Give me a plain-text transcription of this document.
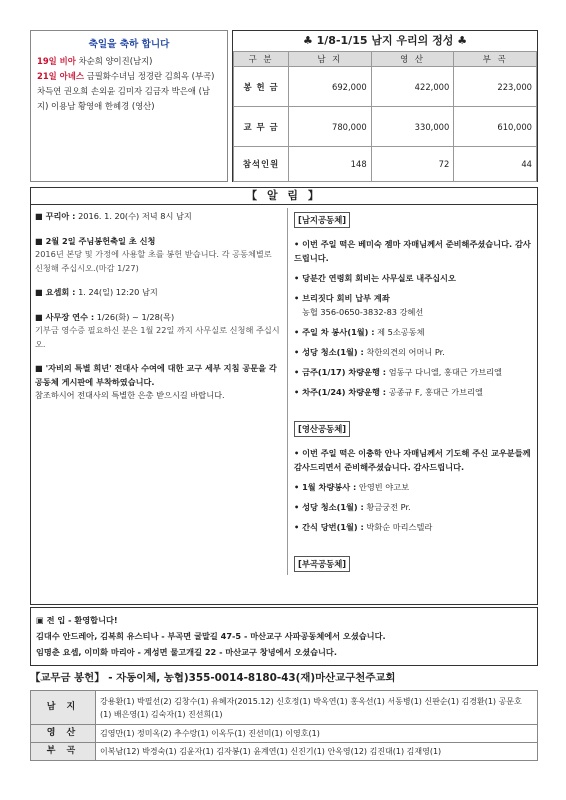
축일을 축하 합니다
19일 비아 차순희 양이진(남지)
21일 아녜스 금필화수녀님 정경란 김희옥 (부곡) 차득연 권오희 손외윤 김미자 김금자 박은애 (남지) 이용남 황영애 한혜경 (영산)
♣ 1/8-1/15 남지 우리의 정성 ♣
구 분	남 지	영 산	부 곡
봉 헌 금	692,000	422,000	223,000
교 무 금	780,000	330,000	610,000
참석인원	148	72	44
【 알 림 】
■ 꾸리아 : 2016. 1. 20(수) 저녁 8시 남지
■ 2월 2일 주님봉헌축일 초 신청
2016년 본당 및 가정에 사용할 초를 봉헌 받습니다. 각 공동체별로 신청해 주십시오.(마감 1/27)
■ 요셉회 : 1. 24(일) 12:20 남지
■ 사무장 연수 : 1/26(화) ~ 1/28(목)
기부금 영수증 필요하신 분은 1월 22일 까지 사무실로 신청해 주십시오.
■ '자비의 특별 희년' 전대사 수여에 대한 교구 세부 지침 공문을 각 공동체 게시판에 부착하였습니다.
참조하시어 전대사의 특별한 은총 받으시길 바랍니다.
[남지공동체]
• 이번 주일 떡은 베미숙 젬마 자매님께서 준비해주셨습니다. 감사드립니다.
• 당분간 연령회 회비는 사무실로 내주십시오
• 브리짓다 회비 납부 계좌
농협 356-0650-3832-83 강혜선
• 주일 차 봉사(1월) : 제 5소공동체
• 성당 청소(1월) : 착한의견의 어머니 Pr.
• 금주(1/17) 차량운행 : 엄동구 다니엘, 홍대근 가브리엘
• 차주(1/24) 차량운행 : 공종규 F, 홍대근 가브리엘
[영산공동체]
• 이번 주일 떡은 이충학 안나 자매님께서 기도해 주신 교우분들께 감사드리면서 준비해주셨습니다. 감사드립니다.
• 1월 차량봉사 : 안영빈 야고보
• 성당 청소(1월) : 황금궁전 Pr.
• 간식 당번(1월) : 박화순 마리스텔라
[부곡공동체]
▣ 전 입 - 환영합니다!
김대수 안드레아, 김복희 유스티나 - 부곡면 굴말길 47-5 - 마산교구 사파공동체에서 오셨습니다.
임명춘 요셉, 이미화 마리아 - 계성면 물고개길 22 - 마산교구 창녕에서 오셨습니다.
【교무금 봉헌】 - 자동이체, 농협)355-0014-8180-43(재)마산교구천주교회
남 지	강용환(1) 박필선(2) 김창수(1) 유혜자(2015.12) 신호정(1) 박옥연(1) 홍옥선(1) 서동병(1) 신판순(1) 김경환(1) 공문호(1) 배은영(1) 김숙자(1) 진선희(1)
영 산	김영만(1) 정미옥(2) 추수랑(1) 이옥두(1) 진선미(1) 이영호(1)
부 곡	이복남(12) 박경숙(1) 김윤자(1) 김자봉(1) 윤계연(1) 신진기(1) 안옥영(12) 김진대(1) 김재영(1)
